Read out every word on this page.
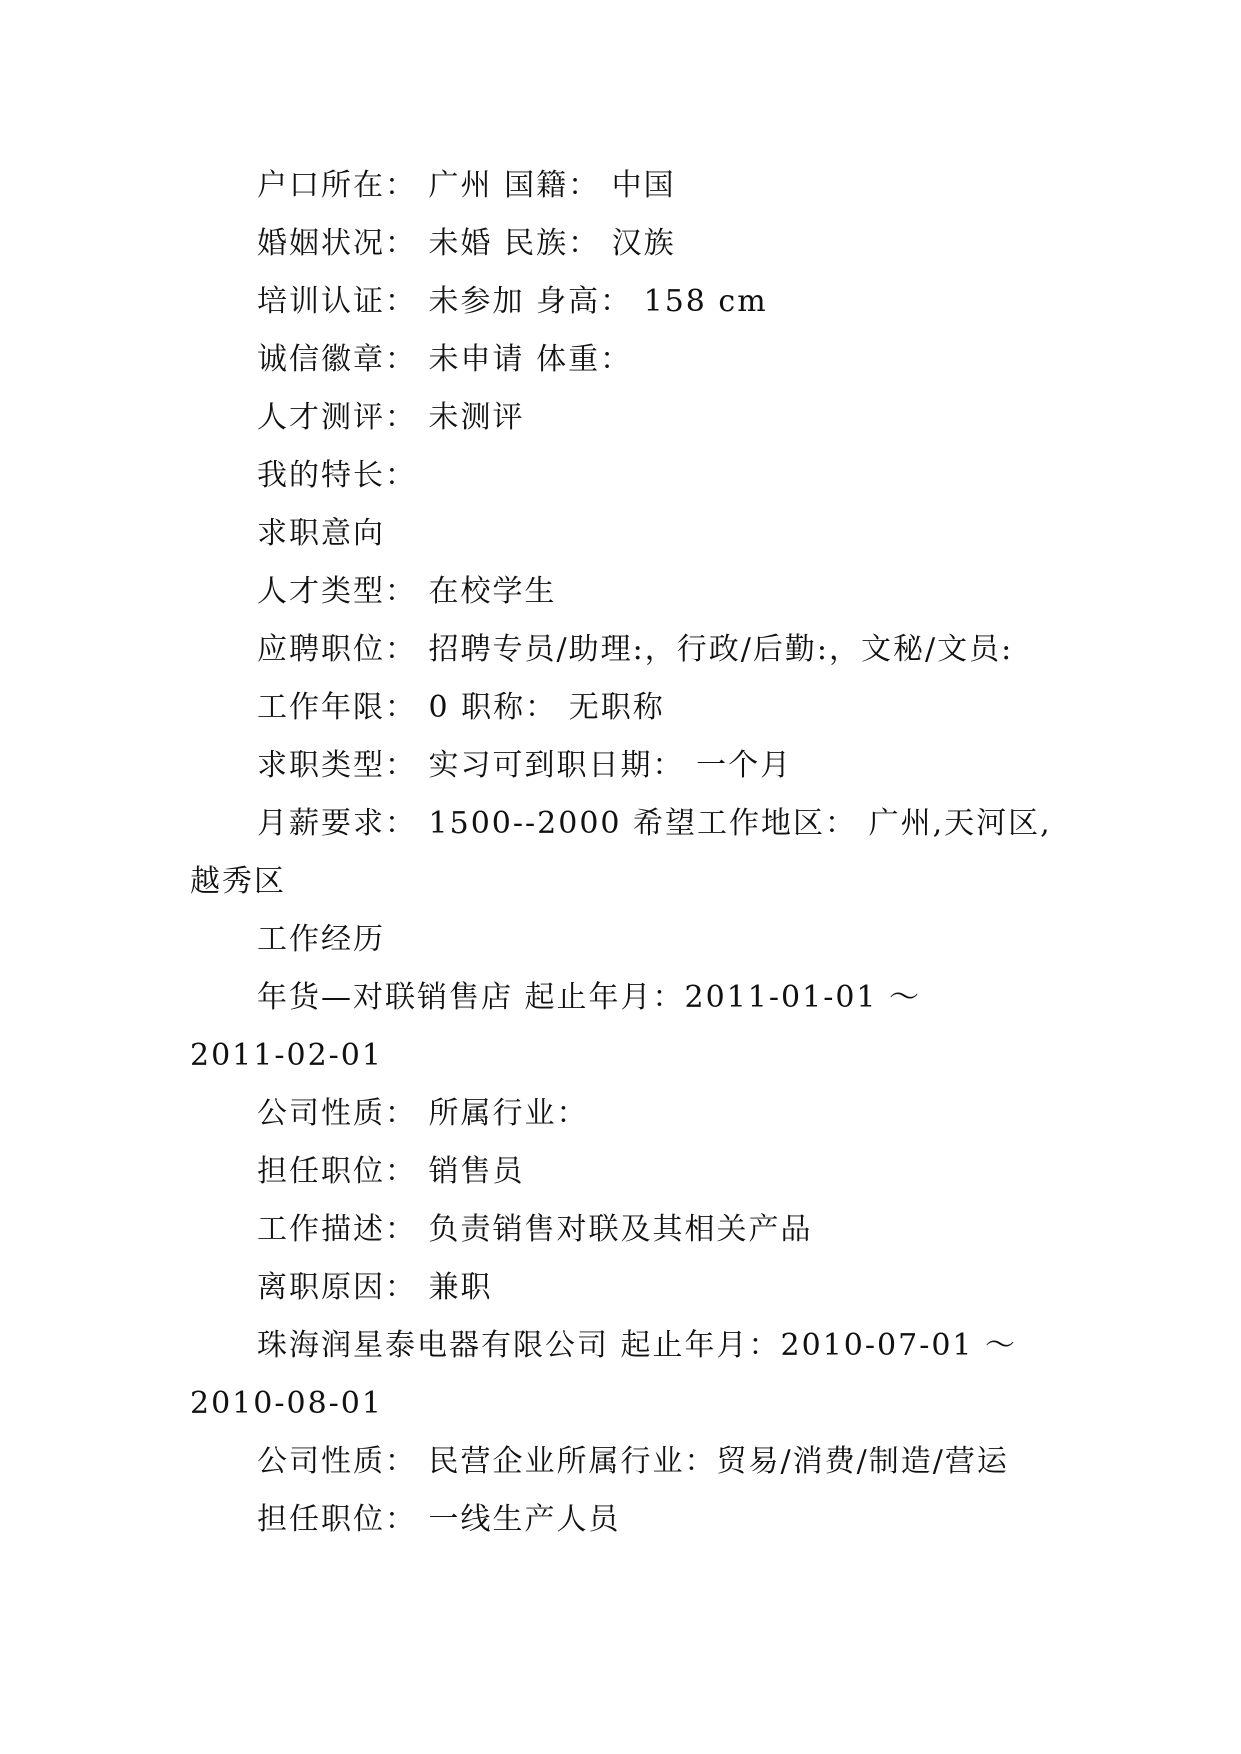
户口所在： 广州 国籍： 中国

婚姻状况： 未婚 民族： 汉族

培训认证： 未参加 身高： 158 cm

诚信徽章： 未申请 体重：

人才测评： 未测评

我的特长：

求职意向

人才类型： 在校学生

应聘职位： 招聘专员/助理:，行政/后勤:，文秘/文员:

工作年限： 0 职称： 无职称

求职类型： 实习可到职日期： 一个月

月薪要求： 1500--2000 希望工作地区： 广州,天河区,

越秀区

工作经历

年货—对联销售店 起止年月：2011-01-01 ～

2011-02-01

公司性质： 所属行业：

担任职位： 销售员

工作描述： 负责销售对联及其相关产品

离职原因： 兼职

珠海润星泰电器有限公司 起止年月：2010-07-01 ～

2010-08-01

公司性质： 民营企业所属行业：贸易/消费/制造/营运

担任职位： 一线生产人员
